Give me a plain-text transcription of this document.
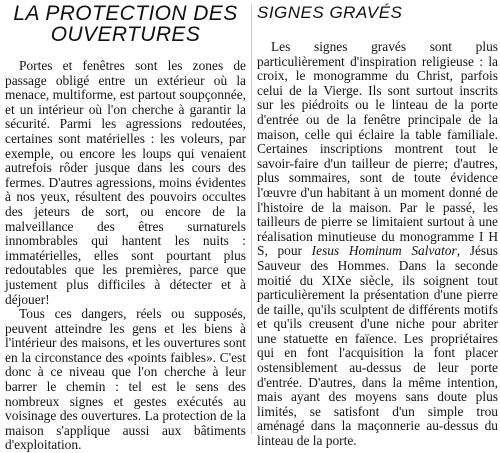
LA PROTECTION DES OUVERTURES

Portes et fenêtres sont les zones de passage obligé entre un extérieur où la menace, multiforme, est partout soupçonnée, et un intérieur où l'on cherche à garantir la sécurité. Parmi les agressions redoutées, certaines sont matérielles : les voleurs, par exemple, ou encore les loups qui venaient autrefois rôder jusque dans les cours des fermes. D'autres agressions, moins évidentes à nos yeux, résultent des pouvoirs occultes des jeteurs de sort, ou encore de la malveillance des êtres surnaturels innombrables qui hantent les nuits : immatérielles, elles sont pourtant plus redoutables que les premières, parce que justement plus difficiles à détecter et à déjouer!

Tous ces dangers, réels ou supposés, peuvent atteindre les gens et les biens à l'intérieur des maisons, et les ouvertures sont en la circonstance des «points faibles». C'est donc à ce niveau que l'on cherche à leur barrer le chemin : tel est le sens des nombreux signes et gestes exécutés au voisinage des ouvertures. La protection de la maison s'applique aussi aux bâtiments d'exploitation.

SIGNES GRAVÉS

Les signes gravés sont plus particulièrement d'inspiration religieuse : la croix, le monogramme du Christ, parfois celui de la Vierge. Ils sont surtout inscrits sur les piédroits ou le linteau de la porte d'entrée ou de la fenêtre principale de la maison, celle qui éclaire la table familiale. Certaines inscriptions montrent tout le savoir-faire d'un tailleur de pierre; d'autres, plus sommaires, sont de toute évidence l'œuvre d'un habitant à un moment donné de l'histoire de la maison. Par le passé, les tailleurs de pierre se limitaient surtout à une réalisation minutieuse du monogramme I H S, pour Iesus Hominum Salvator, Jésus Sauveur des Hommes. Dans la seconde moitié du XIXe siècle, ils soignent tout particulièrement la présentation d'une pierre de taille, qu'ils sculptent de différents motifs et qu'ils creusent d'une niche pour abriter une statuette en faïence. Les propriétaires qui en font l'acquisition la font placer ostensiblement au-dessus de leur porte d'entrée. D'autres, dans la même intention, mais ayant des moyens sans doute plus limités, se satisfont d'un simple trou aménagé dans la maçonnerie au-dessus du linteau de la porte.
